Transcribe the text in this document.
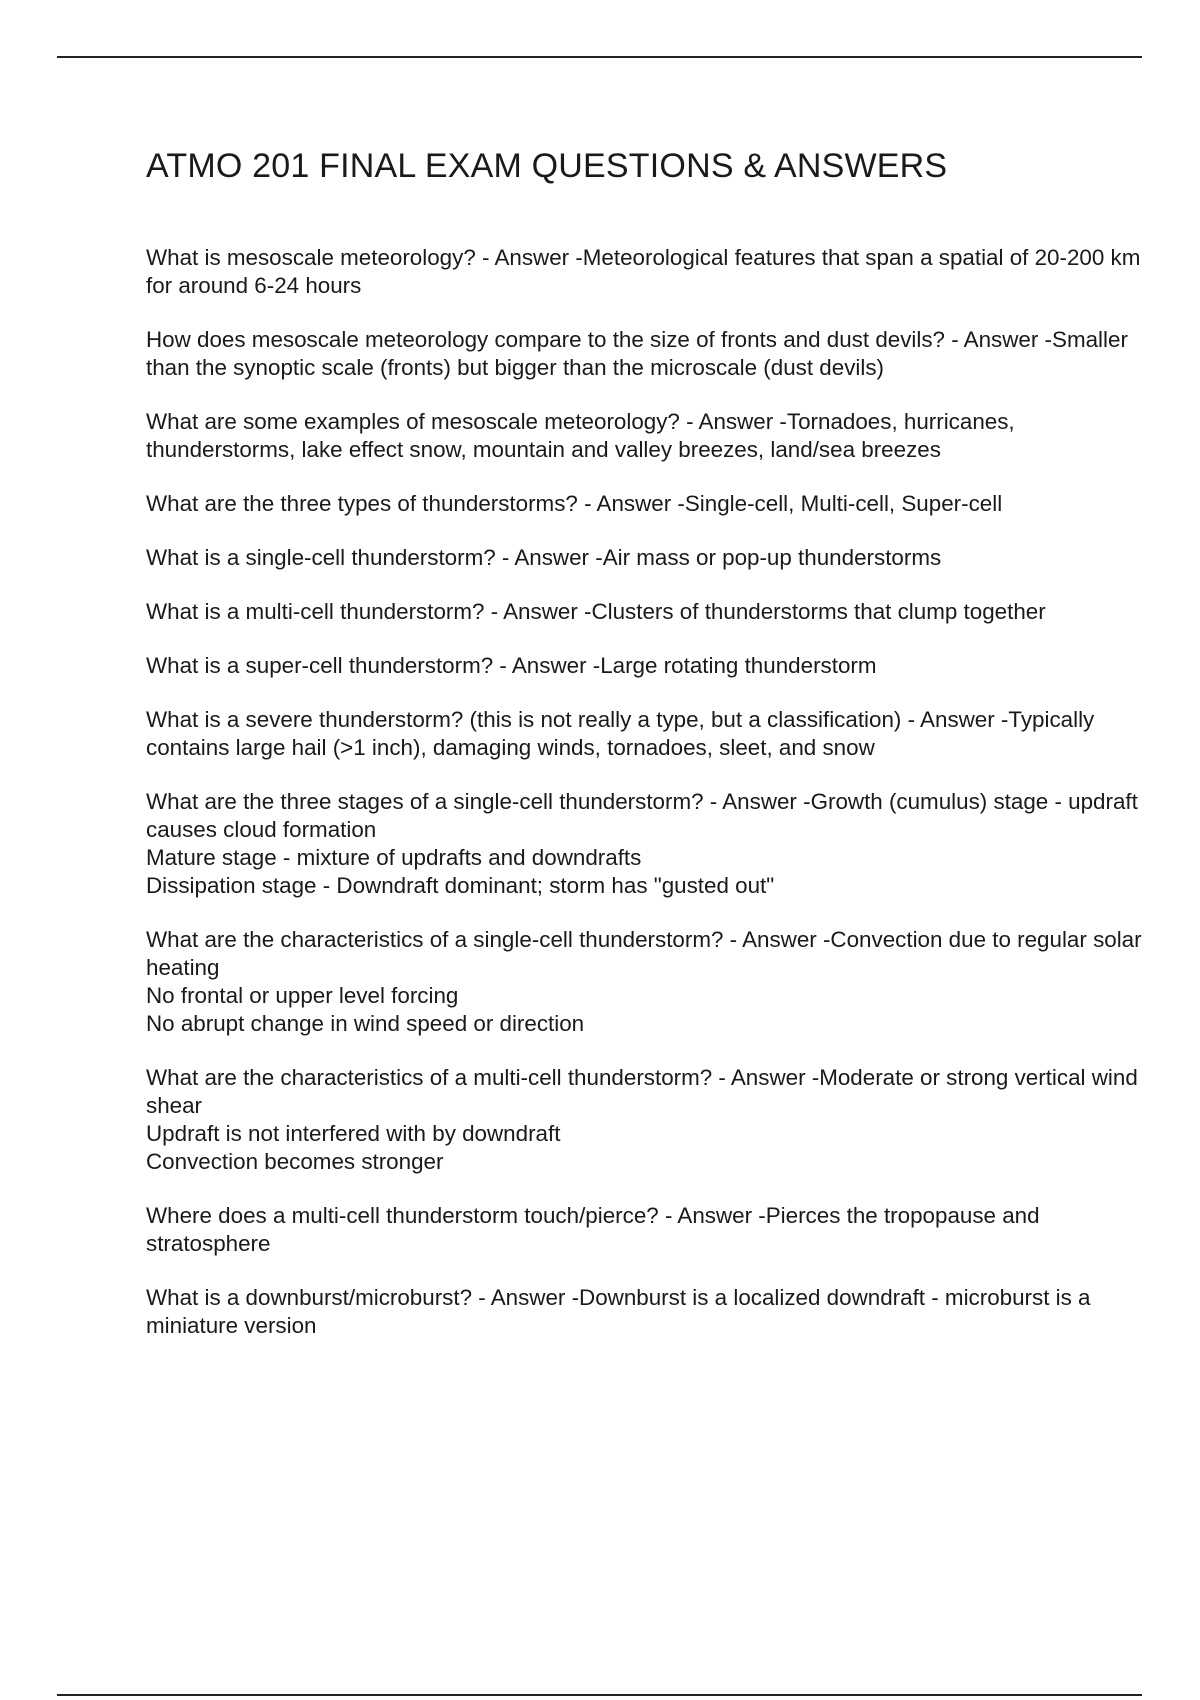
ATMO 201 FINAL EXAM QUESTIONS & ANSWERS

What is mesoscale meteorology? - Answer -Meteorological features that span a spatial of 20-200 km for around 6-24 hours

How does mesoscale meteorology compare to the size of fronts and dust devils? - Answer -Smaller than the synoptic scale (fronts) but bigger than the microscale (dust devils)

What are some examples of mesoscale meteorology? - Answer -Tornadoes, hurricanes, thunderstorms, lake effect snow, mountain and valley breezes, land/sea breezes

What are the three types of thunderstorms? - Answer -Single-cell, Multi-cell, Super-cell

What is a single-cell thunderstorm? - Answer -Air mass or pop-up thunderstorms

What is a multi-cell thunderstorm? - Answer -Clusters of thunderstorms that clump together

What is a super-cell thunderstorm? - Answer -Large rotating thunderstorm

What is a severe thunderstorm? (this is not really a type, but a classification) - Answer -Typically contains large hail (>1 inch), damaging winds, tornadoes, sleet, and snow

What are the three stages of a single-cell thunderstorm? - Answer -Growth (cumulus) stage - updraft causes cloud formation
Mature stage - mixture of updrafts and downdrafts
Dissipation stage - Downdraft dominant; storm has "gusted out"

What are the characteristics of a single-cell thunderstorm? - Answer -Convection due to regular solar heating
No frontal or upper level forcing
No abrupt change in wind speed or direction

What are the characteristics of a multi-cell thunderstorm? - Answer -Moderate or strong vertical wind shear
Updraft is not interfered with by downdraft
Convection becomes stronger

Where does a multi-cell thunderstorm touch/pierce? - Answer -Pierces the tropopause and stratosphere

What is a downburst/microburst? - Answer -Downburst is a localized downdraft - microburst is a miniature version
